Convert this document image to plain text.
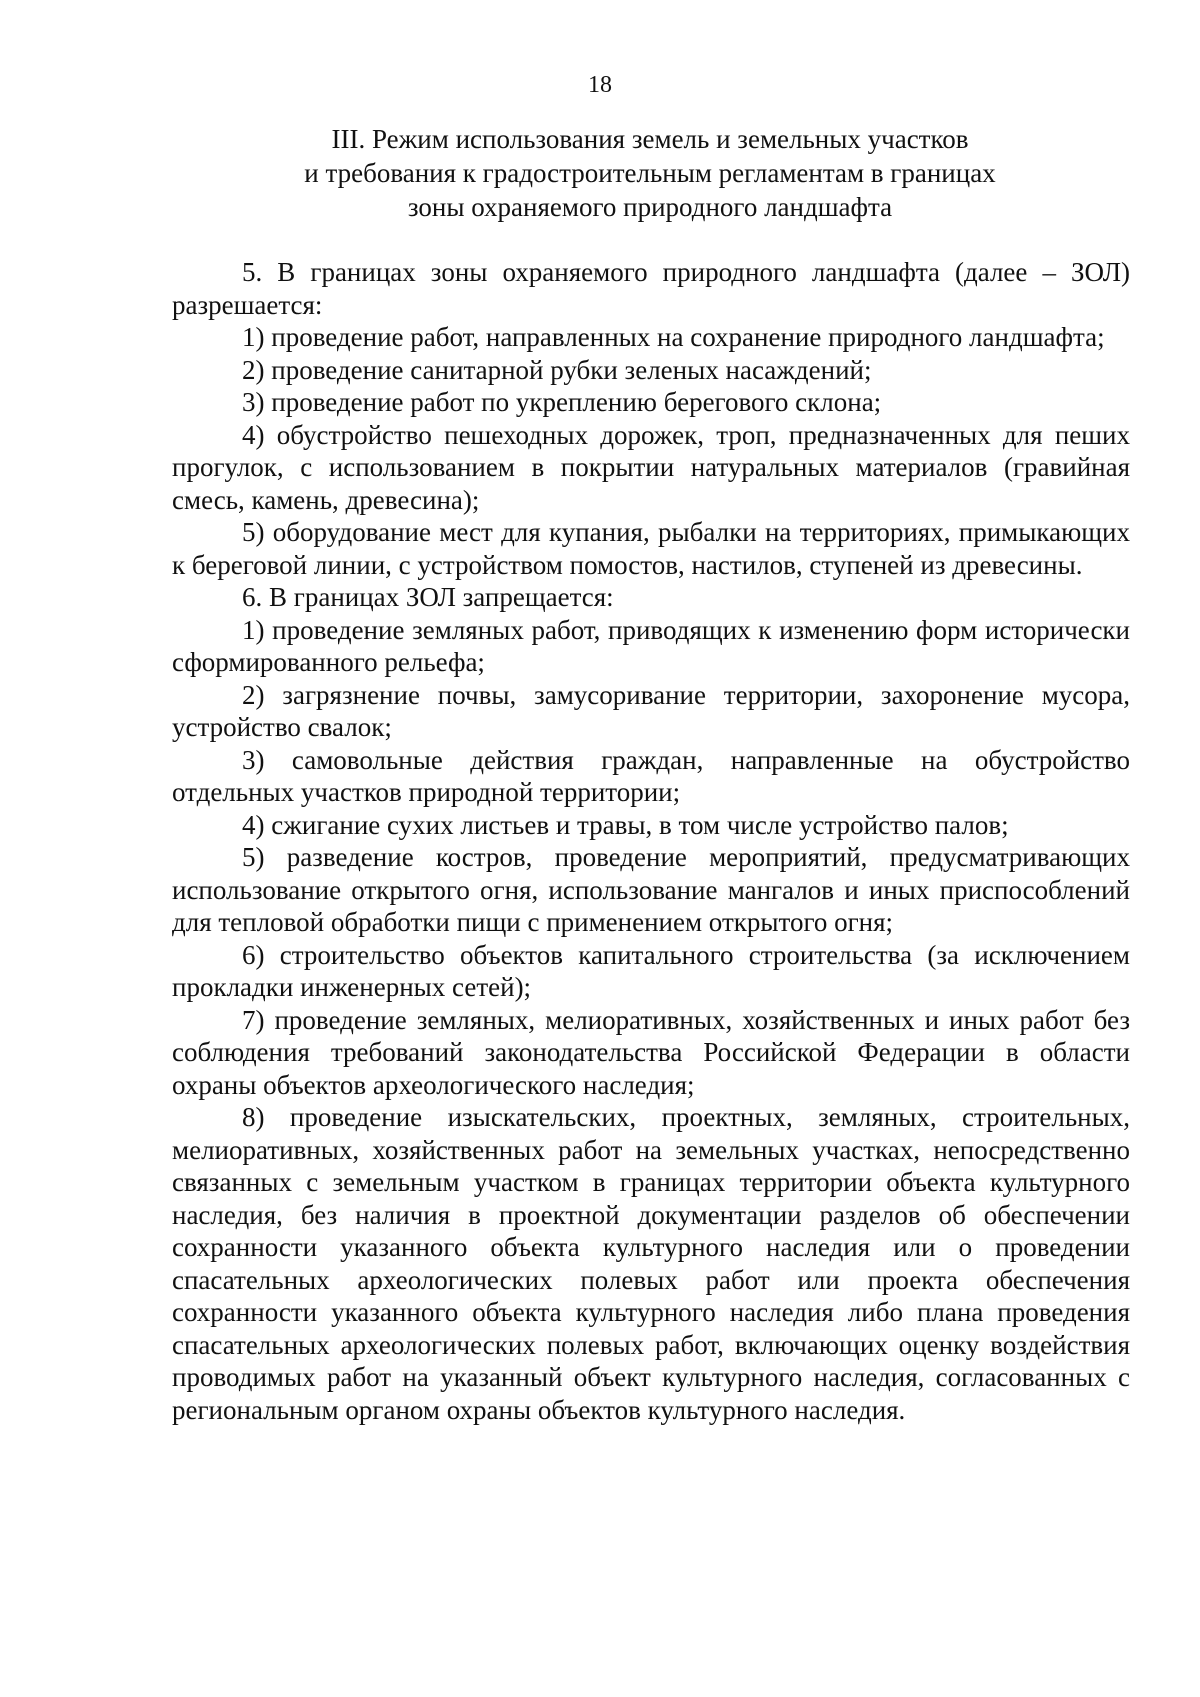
18
III. Режим использования земель и земельных участков
и требования к градостроительным регламентам в границах
зоны охраняемого природного ландшафта

5. В границах зоны охраняемого природного ландшафта (далее – ЗОЛ) разрешается:

1) проведение работ, направленных на сохранение природного ландшафта;

2) проведение санитарной рубки зеленых насаждений;

3) проведение работ по укреплению берегового склона;

4) обустройство пешеходных дорожек, троп, предназначенных для пеших прогулок, с использованием в покрытии натуральных материалов (гравийная смесь, камень, древесина);

5) оборудование мест для купания, рыбалки на территориях, примыкающих к береговой линии, с устройством помостов, настилов, ступеней из древесины.

6. В границах ЗОЛ запрещается:

1) проведение земляных работ, приводящих к изменению форм исторически сформированного рельефа;

2) загрязнение почвы, замусоривание территории, захоронение мусора, устройство свалок;

3) самовольные действия граждан, направленные на обустройство отдельных участков природной территории;

4) сжигание сухих листьев и травы, в том числе устройство палов;

5) разведение костров, проведение мероприятий, предусматривающих использование открытого огня, использование мангалов и иных приспособлений для тепловой обработки пищи с применением открытого огня;

6) строительство объектов капитального строительства (за исключением прокладки инженерных сетей);

7) проведение земляных, мелиоративных, хозяйственных и иных работ без соблюдения требований законодательства Российской Федерации в области охраны объектов археологического наследия;

8) проведение изыскательских, проектных, земляных, строительных, мелиоративных, хозяйственных работ на земельных участках, непосредственно связанных с земельным участком в границах территории объекта культурного наследия, без наличия в проектной документации разделов об обеспечении сохранности указанного объекта культурного наследия или о проведении спасательных археологических полевых работ или проекта обеспечения сохранности указанного объекта культурного наследия либо плана проведения спасательных археологических полевых работ, включающих оценку воздействия проводимых работ на указанный объект культурного наследия, согласованных с региональным органом охраны объектов культурного наследия.
